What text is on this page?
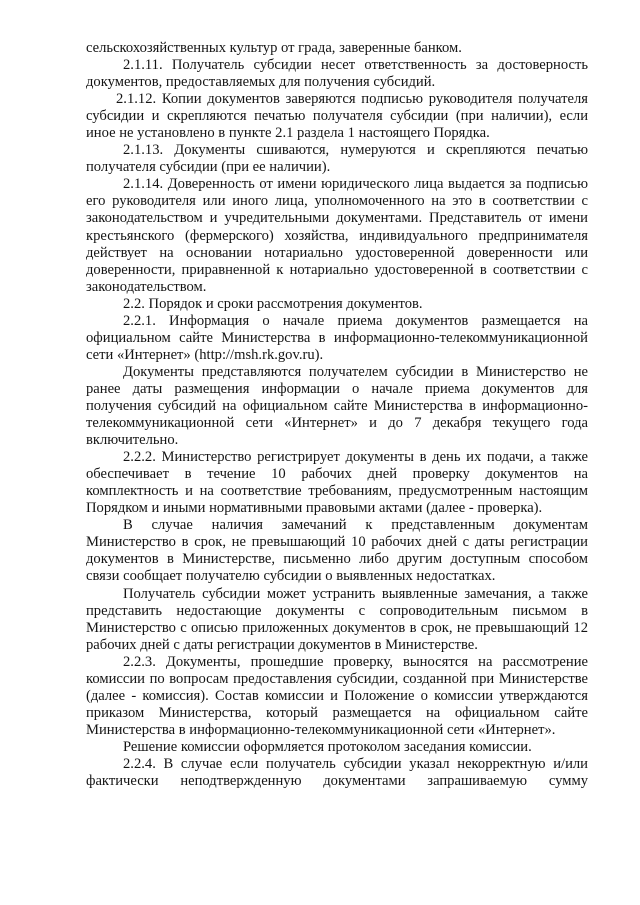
сельскохозяйственных культур от града, заверенные банком.

2.1.11. Получатель субсидии несет ответственность за достоверность документов, предоставляемых для получения субсидий.

2.1.12. Копии документов заверяются подписью руководителя получателя субсидии и скрепляются печатью получателя субсидии (при наличии), если иное не установлено в пункте 2.1 раздела 1 настоящего Порядка.

2.1.13. Документы сшиваются, нумеруются и скрепляются печатью получателя субсидии (при ее наличии).

2.1.14. Доверенность от имени юридического лица выдается за подписью его руководителя или иного лица, уполномоченного на это в соответствии с законодательством и учредительными документами. Представитель от имени крестьянского (фермерского) хозяйства, индивидуального предпринимателя действует на основании нотариально удостоверенной доверенности или доверенности, приравненной к нотариально удостоверенной в соответствии с законодательством.

2.2. Порядок и сроки рассмотрения документов.

2.2.1. Информация о начале приема документов размещается на официальном сайте Министерства в информационно-телекоммуникационной сети «Интернет» (http://msh.rk.gov.ru).

Документы представляются получателем субсидии в Министерство не ранее даты размещения информации о начале приема документов для получения субсидий на официальном сайте Министерства в информационно-телекоммуникационной сети «Интернет» и до 7 декабря текущего года включительно.

2.2.2. Министерство регистрирует документы в день их подачи, а также обеспечивает в течение 10 рабочих дней проверку документов на комплектность и на соответствие требованиям, предусмотренным настоящим Порядком и иными нормативными правовыми актами (далее - проверка).

В случае наличия замечаний к представленным документам Министерство в срок, не превышающий 10 рабочих дней с даты регистрации документов в Министерстве, письменно либо другим доступным способом связи сообщает получателю субсидии о выявленных недостатках.

Получатель субсидии может устранить выявленные замечания, а также представить недостающие документы с сопроводительным письмом в Министерство с описью приложенных документов в срок, не превышающий 12 рабочих дней с даты регистрации документов в Министерстве.

2.2.3. Документы, прошедшие проверку, выносятся на рассмотрение комиссии по вопросам предоставления субсидии, созданной при Министерстве (далее - комиссия). Состав комиссии и Положение о комиссии утверждаются приказом Министерства, который размещается на официальном сайте Министерства в информационно-телекоммуникационной сети «Интернет».

Решение комиссии оформляется протоколом заседания комиссии.

2.2.4. В случае если получатель субсидии указал некорректную и/или фактически неподтвержденную документами запрашиваемую сумму
